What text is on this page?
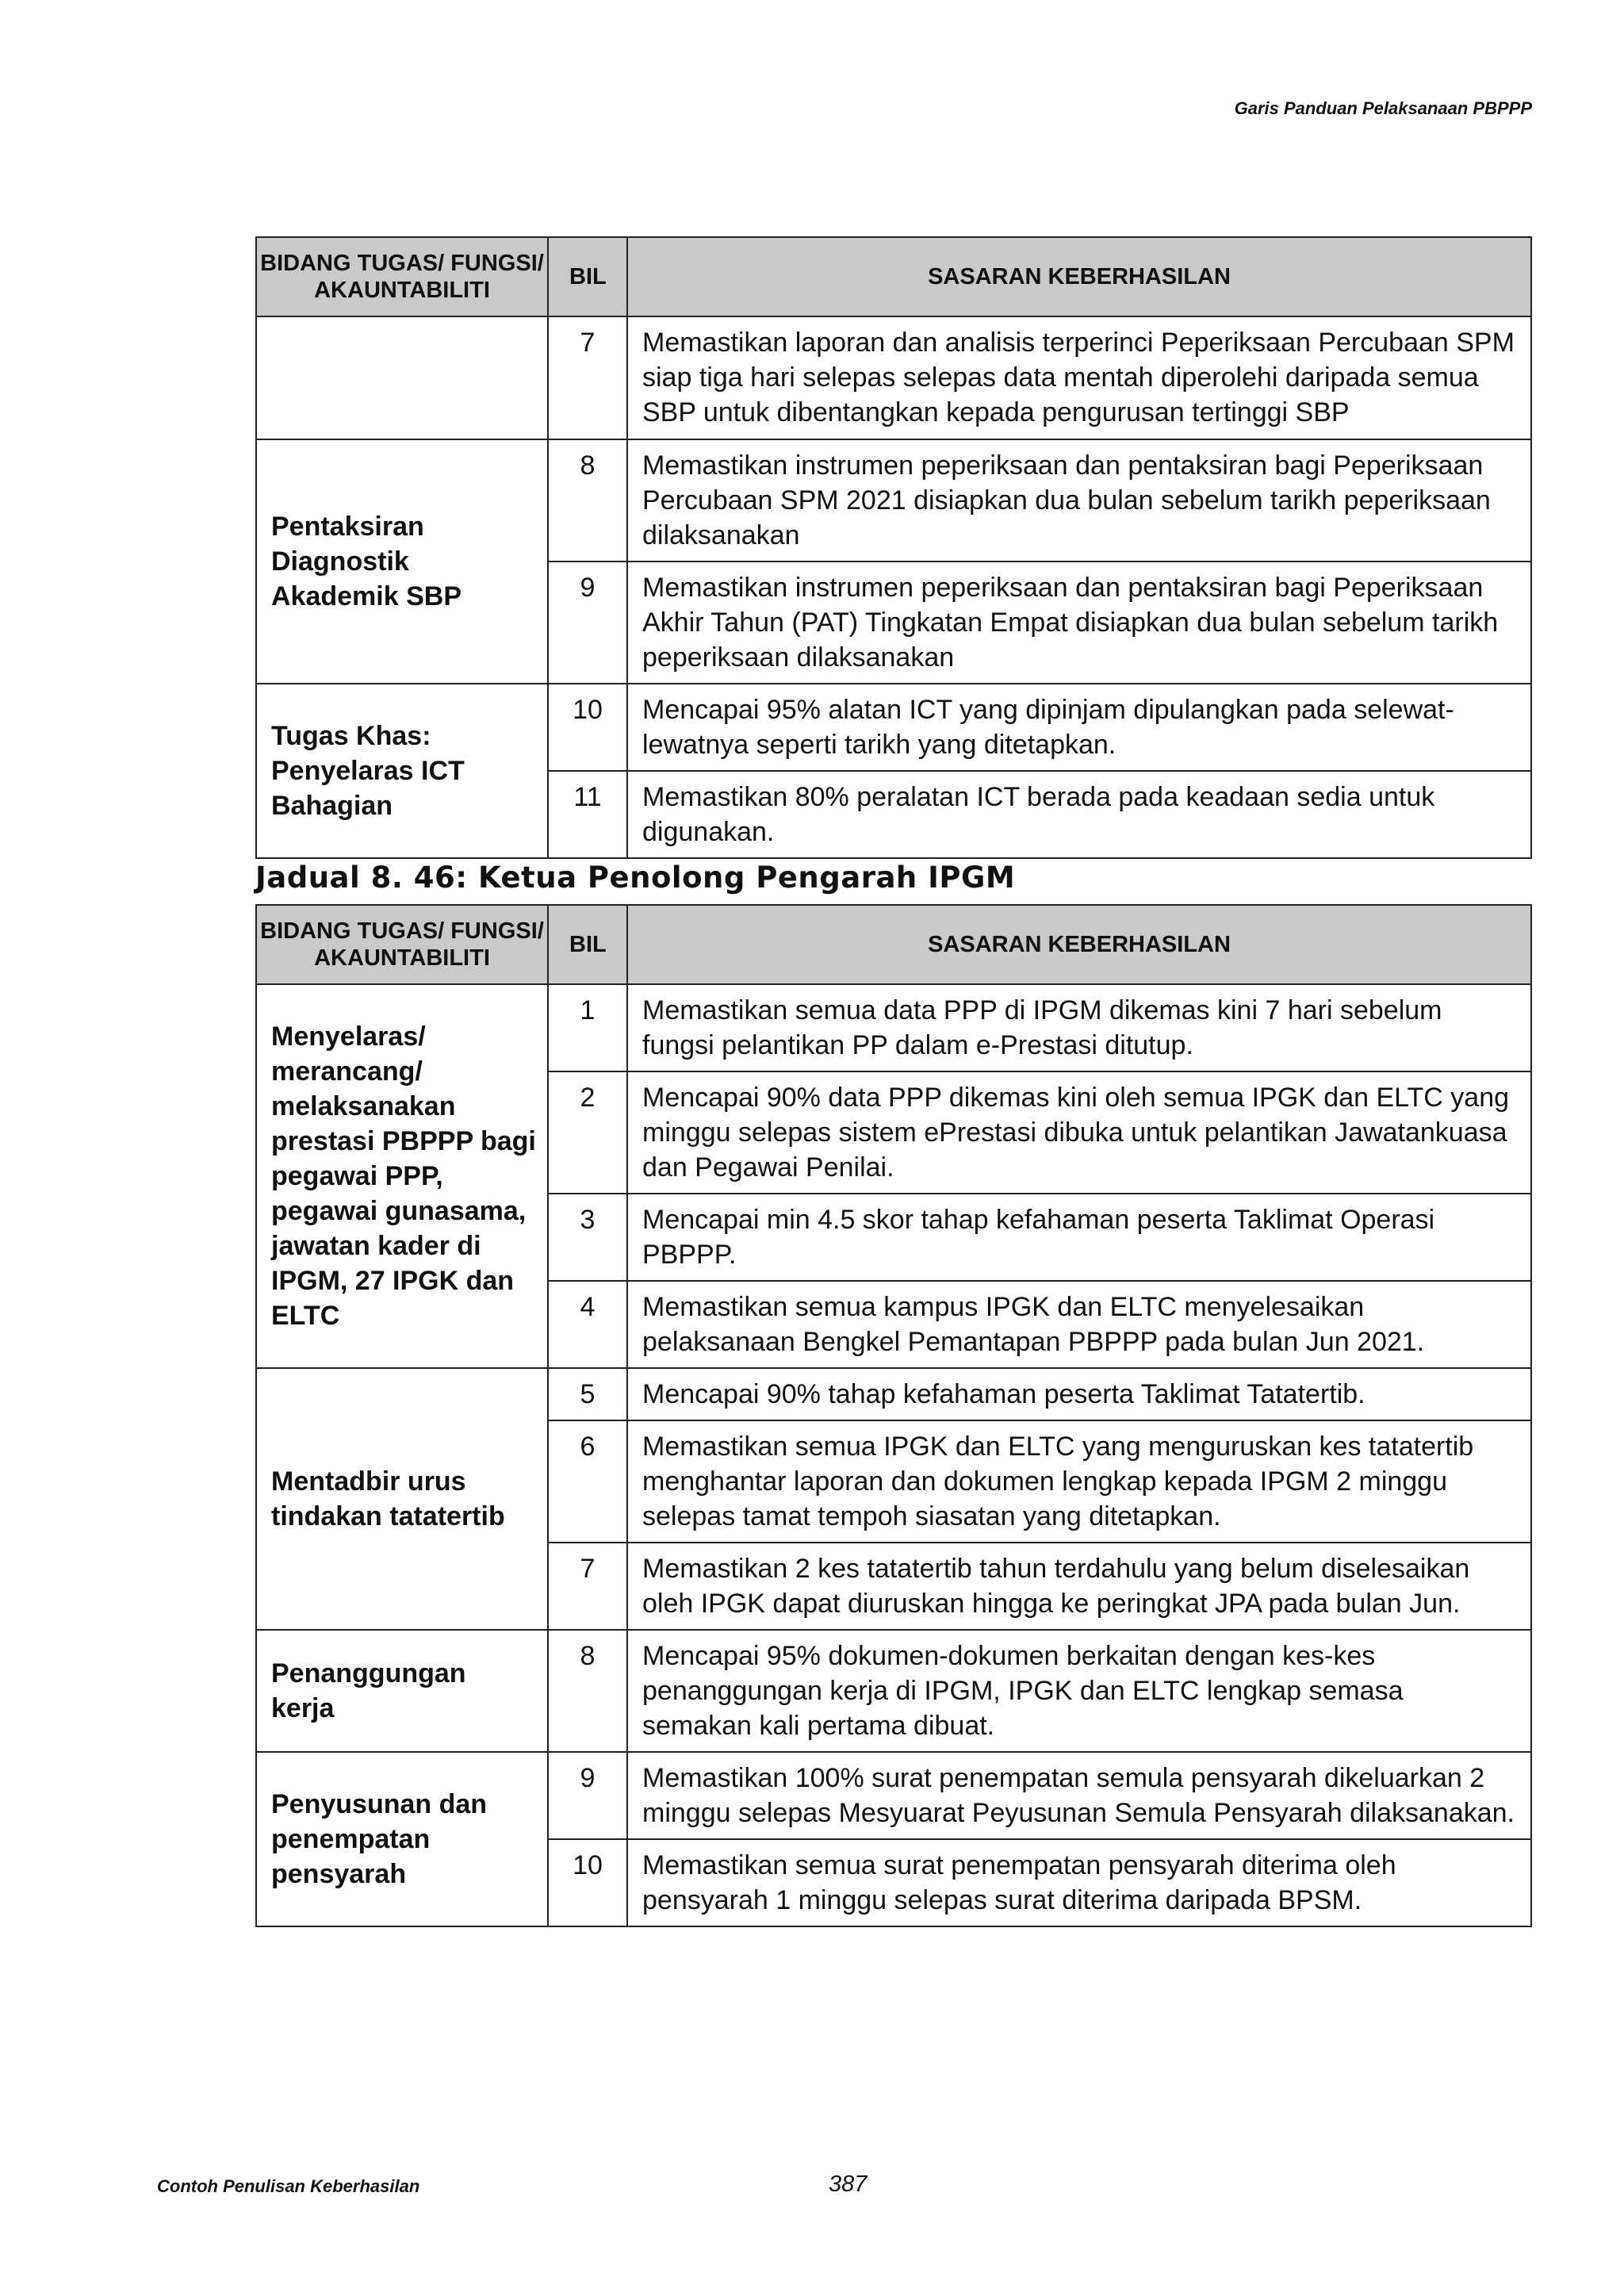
Garis Panduan Pelaksanaan PBPPP
BIDANG TUGAS/ FUNGSI/ AKAUNTABILITI	BIL	SASARAN KEBERHASILAN
	7	Memastikan laporan dan analisis terperinci Peperiksaan Percubaan SPM siap tiga hari selepas selepas data mentah diperolehi daripada semua SBP untuk dibentangkan kepada pengurusan tertinggi SBP
Pentaksiran Diagnostik Akademik SBP	8	Memastikan instrumen peperiksaan dan pentaksiran bagi Peperiksaan Percubaan SPM 2021 disiapkan dua bulan sebelum tarikh peperiksaan dilaksanakan
	9	Memastikan instrumen peperiksaan dan pentaksiran bagi Peperiksaan Akhir Tahun (PAT) Tingkatan Empat disiapkan dua bulan sebelum tarikh peperiksaan dilaksanakan
Tugas Khas: Penyelaras ICT Bahagian	10	Mencapai 95% alatan ICT yang dipinjam dipulangkan pada selewat-lewatnya seperti tarikh yang ditetapkan.
	11	Memastikan 80% peralatan ICT berada pada keadaan sedia untuk digunakan.
Jadual 8. 46: Ketua Penolong Pengarah IPGM
BIDANG TUGAS/ FUNGSI/ AKAUNTABILITI	BIL	SASARAN KEBERHASILAN
Menyelaras/ merancang/ melaksanakan prestasi PBPPP bagi pegawai PPP, pegawai gunasama, jawatan kader di IPGM, 27 IPGK dan ELTC	1	Memastikan semua data PPP di IPGM dikemas kini 7 hari sebelum fungsi pelantikan PP dalam e-Prestasi ditutup.
	2	Mencapai 90% data PPP dikemas kini oleh semua IPGK dan ELTC yang minggu selepas sistem ePrestasi dibuka untuk pelantikan Jawatankuasa dan Pegawai Penilai.
	3	Mencapai min 4.5 skor tahap kefahaman peserta Taklimat Operasi PBPPP.
	4	Memastikan semua kampus IPGK dan ELTC menyelesaikan pelaksanaan Bengkel Pemantapan PBPPP pada bulan Jun 2021.
Mentadbir urus tindakan tatatertib	5	Mencapai 90% tahap kefahaman peserta Taklimat Tatatertib.
	6	Memastikan semua IPGK dan ELTC yang menguruskan kes tatatertib menghantar laporan dan dokumen lengkap kepada IPGM 2 minggu selepas tamat tempoh siasatan yang ditetapkan.
	7	Memastikan 2 kes tatatertib tahun terdahulu yang belum diselesaikan oleh IPGK dapat diuruskan hingga ke peringkat JPA pada bulan Jun.
Penanggungan kerja	8	Mencapai 95% dokumen-dokumen berkaitan dengan kes-kes penanggungan kerja di IPGM, IPGK dan ELTC lengkap semasa semakan kali pertama dibuat.
Penyusunan dan penempatan pensyarah	9	Memastikan 100% surat penempatan semula pensyarah dikeluarkan 2 minggu selepas Mesyuarat Peyusunan Semula Pensyarah dilaksanakan.
	10	Memastikan semua surat penempatan pensyarah diterima oleh pensyarah 1 minggu selepas surat diterima daripada BPSM.
Contoh Penulisan Keberhasilan	387
